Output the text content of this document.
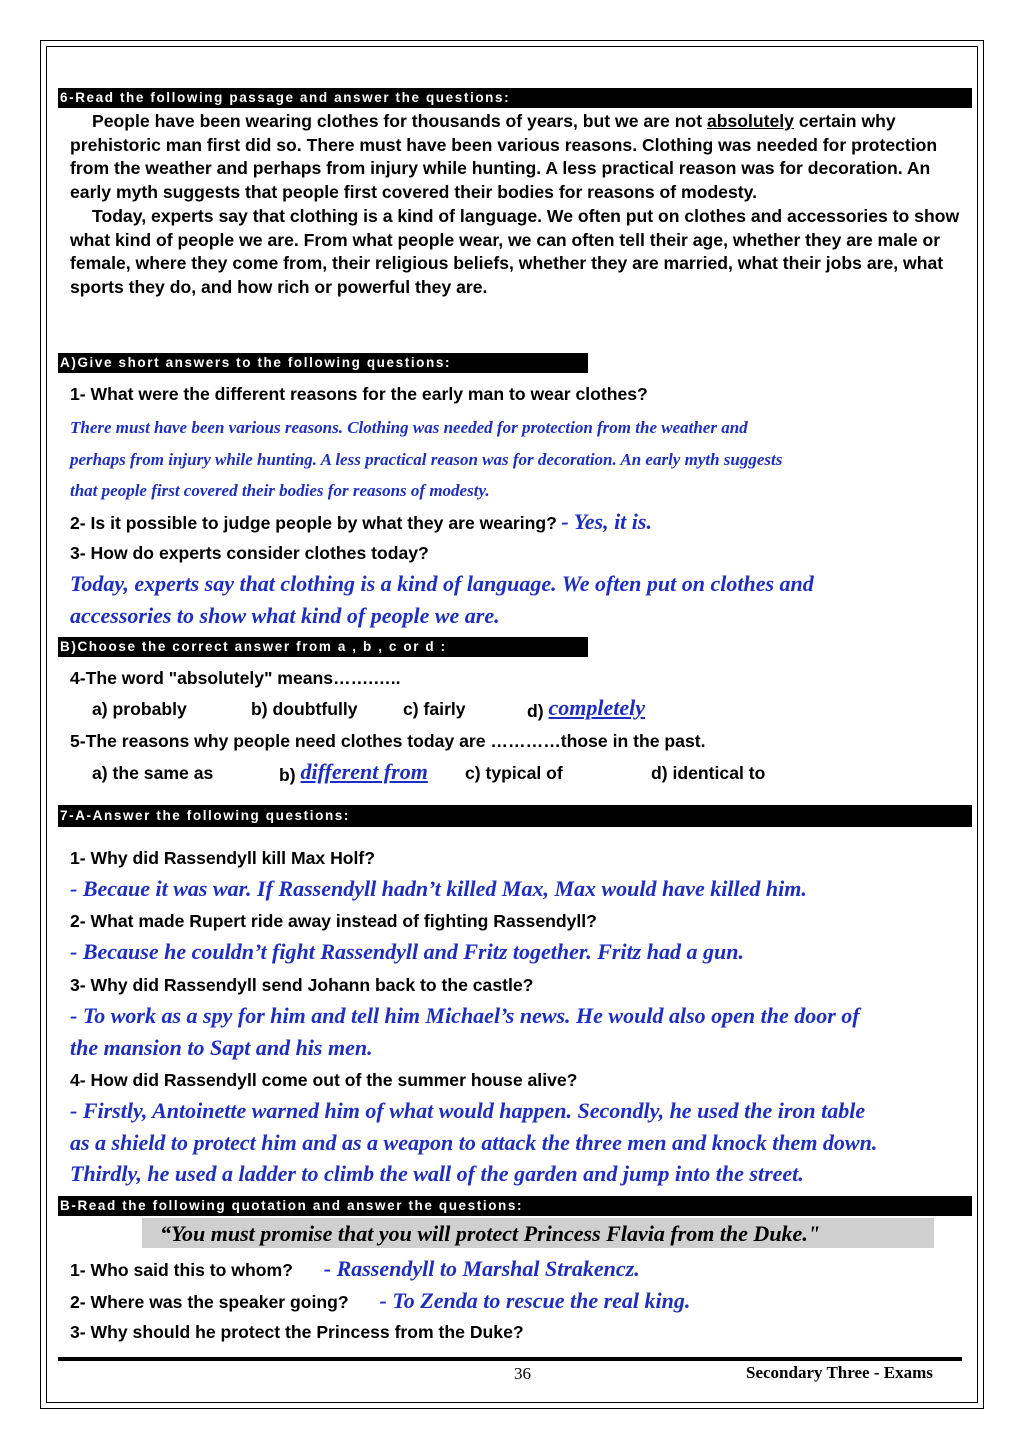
6-Read the following passage and answer the questions:

People have been wearing clothes for thousands of years, but we are not absolutely certain why prehistoric man first did so. There must have been various reasons. Clothing was needed for protection from the weather and perhaps from injury while hunting. A less practical reason was for decoration. An early myth suggests that people first covered their bodies for reasons of modesty.

Today, experts say that clothing is a kind of language. We often put on clothes and accessories to show what kind of people we are. From what people wear, we can often tell their age, whether they are male or female, where they come from, their religious beliefs, whether they are married, what their jobs are, what sports they do, and how rich or powerful they are.

A)Give short answers to the following questions:
1- What were the different reasons for the early man to wear clothes?
There must have been various reasons. Clothing was needed for protection from the weather and
perhaps from injury while hunting. A less practical reason was for decoration. An early myth suggests
that people first covered their bodies for reasons of modesty.
2- Is it possible to judge people by what they are wearing? - Yes, it is.
3- How do experts consider clothes today?
Today, experts say that clothing is a kind of language. We often put on clothes and
accessories to show what kind of people we are.
B)Choose the correct answer from a , b , c or d :
4-The word "absolutely" means…….…..
a) probably	b) doubtfully	c) fairly	d) completely
5-The reasons why people need clothes today are …………those in the past.
a) the same as	b) different from c) typical of	d) identical to
7-A-Answer the following questions:
1- Why did Rassendyll kill Max Holf?
- Becaue it was war. If Rassendyll hadn’t killed Max, Max would have killed him.
2- What made Rupert ride away instead of fighting Rassendyll?
- Because he couldn’t fight Rassendyll and Fritz together. Fritz had a gun.
3- Why did Rassendyll send Johann back to the castle?
- To work as a spy for him and tell him Michael’s news. He would also open the door of
the mansion to Sapt and his men.
4- How did Rassendyll come out of the summer house alive?
- Firstly, Antoinette warned him of what would happen. Secondly, he used the iron table
as a shield to protect him and as a weapon to attack the three men and knock them down.
Thirdly, he used a ladder to climb the wall of the garden and jump into the street.
B-Read the following quotation and answer the questions:
“You must promise that you will protect Princess Flavia from the Duke."
1- Who said this to whom? - Rassendyll to Marshal Strakencz.
2- Where was the speaker going? - To Zenda to rescue the real king.
3- Why should he protect the Princess from the Duke?
36	Secondary Three - Exams
